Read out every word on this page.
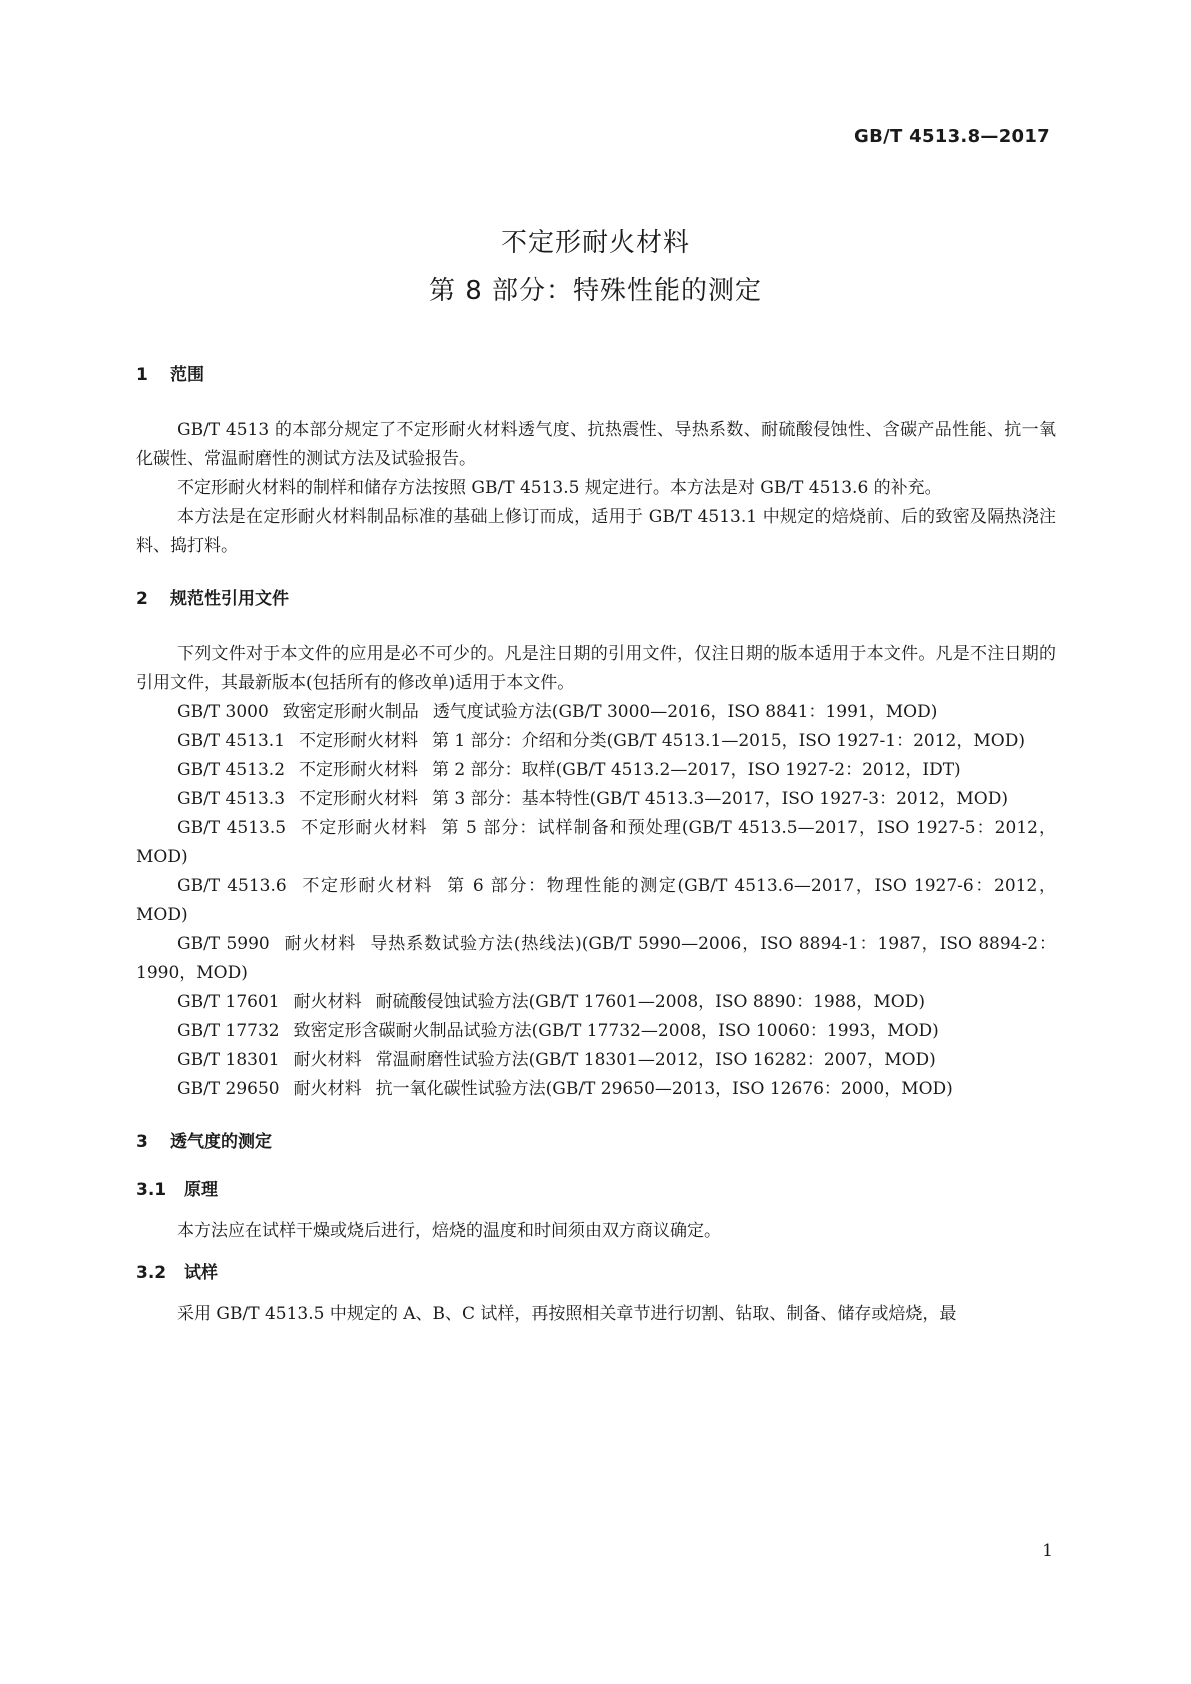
GB/T 4513.8—2017
不定形耐火材料
第 8 部分：特殊性能的测定
1 范围

GB/T 4513 的本部分规定了不定形耐火材料透气度、抗热震性、导热系数、耐硫酸侵蚀性、含碳产品性能、抗一氧化碳性、常温耐磨性的测试方法及试验报告。

不定形耐火材料的制样和储存方法按照 GB/T 4513.5 规定进行。本方法是对 GB/T 4513.6 的补充。

本方法是在定形耐火材料制品标准的基础上修订而成，适用于 GB/T 4513.1 中规定的焙烧前、后的致密及隔热浇注料、捣打料。

2 规范性引用文件

下列文件对于本文件的应用是必不可少的。凡是注日期的引用文件，仅注日期的版本适用于本文件。凡是不注日期的引用文件，其最新版本(包括所有的修改单)适用于本文件。

GB/T 3000 致密定形耐火制品 透气度试验方法(GB/T 3000—2016，ISO 8841：1991，MOD)

GB/T 4513.1 不定形耐火材料 第 1 部分：介绍和分类(GB/T 4513.1—2015，ISO 1927-1：2012，MOD)

GB/T 4513.2 不定形耐火材料 第 2 部分：取样(GB/T 4513.2—2017，ISO 1927-2：2012，IDT)

GB/T 4513.3 不定形耐火材料 第 3 部分：基本特性(GB/T 4513.3—2017，ISO 1927-3：2012，MOD)

GB/T 4513.5 不定形耐火材料 第 5 部分：试样制备和预处理(GB/T 4513.5—2017，ISO 1927-5：2012，MOD)

GB/T 4513.6 不定形耐火材料 第 6 部分：物理性能的测定(GB/T 4513.6—2017，ISO 1927-6：2012，MOD)

GB/T 5990 耐火材料 导热系数试验方法(热线法)(GB/T 5990—2006，ISO 8894-1：1987，ISO 8894-2：1990，MOD)

GB/T 17601 耐火材料 耐硫酸侵蚀试验方法(GB/T 17601—2008，ISO 8890：1988，MOD)

GB/T 17732 致密定形含碳耐火制品试验方法(GB/T 17732—2008，ISO 10060：1993，MOD)

GB/T 18301 耐火材料 常温耐磨性试验方法(GB/T 18301—2012，ISO 16282：2007，MOD)

GB/T 29650 耐火材料 抗一氧化碳性试验方法(GB/T 29650—2013，ISO 12676：2000，MOD)

3 透气度的测定
3.1 原理

本方法应在试样干燥或烧后进行，焙烧的温度和时间须由双方商议确定。

3.2 试样

采用 GB/T 4513.5 中规定的 A、B、C 试样，再按照相关章节进行切割、钻取、制备、储存或焙烧，最

1
